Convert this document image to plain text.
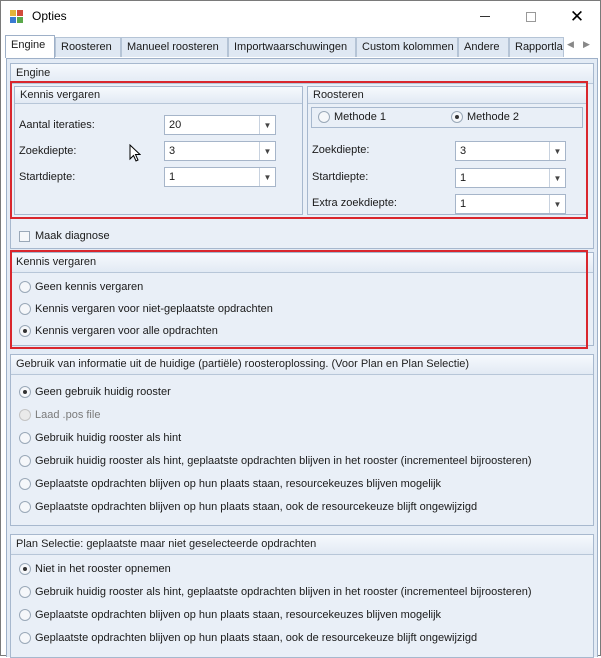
Opties	✕
Engine	Roosteren	Manueel roosteren	Importwaarschuwingen	Custom kolommen Andere	Rapportla ◀ ▶
Engine
Kennis vergaren
Aantal iteraties:	20	▼
Zoekdiepte:	3	▼
Startdiepte:	1	▼
Roosteren
Methode 1	Methode 2
Zoekdiepte:	3	▼
Startdiepte:	1	▼
Extra zoekdiepte:	1	▼
Maak diagnose
Kennis vergaren
Geen kennis vergaren
Kennis vergaren voor niet-geplaatste opdrachten
Kennis vergaren voor alle opdrachten
Gebruik van informatie uit de huidige (partiële) roosteroplossing. (Voor Plan en Plan Selectie)
Geen gebruik huidig rooster
Laad .pos file
Gebruik huidig rooster als hint
Gebruik huidig rooster als hint, geplaatste opdrachten blijven in het rooster (incrementeel bijroosteren)
Geplaatste opdrachten blijven op hun plaats staan, resourcekeuzes blijven mogelijk
Geplaatste opdrachten blijven op hun plaats staan, ook de resourcekeuze blijft ongewijzigd
Plan Selectie: geplaatste maar niet geselecteerde opdrachten
Niet in het rooster opnemen
Gebruik huidig rooster als hint, geplaatste opdrachten blijven in het rooster (incrementeel bijroosteren)
Geplaatste opdrachten blijven op hun plaats staan, resourcekeuzes blijven mogelijk
Geplaatste opdrachten blijven op hun plaats staan, ook de resourcekeuze blijft ongewijzigd
